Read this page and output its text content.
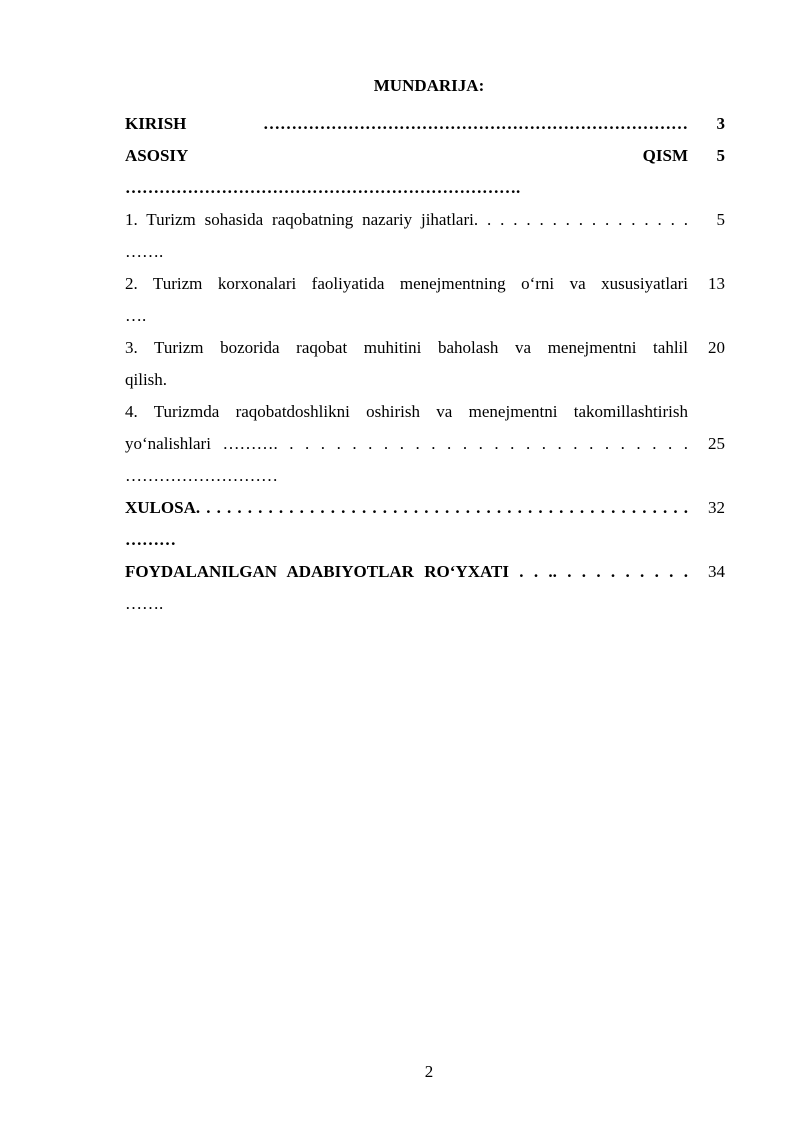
MUNDARIJA:
KIRISH …………………………………………………………………	3
ASOSIY	QISM
…………………………………………………………….
5
1. Turizm sohasida raqobatning nazariy jihatlari. . . . . . . . . . . . . . . . .
…….
5
2. Turizm korxonalari faoliyatida menejmentning o‘rni va xususiyatlari
….
13
3. Turizm bozorida raqobat muhitini baholash va menejmentni tahlil
qilish.
20
4. Turizmda raqobatdoshlikni oshirish va menejmentni takomillashtirish
yo‘nalishlari ………. . . . . . . . . . . . . . . . . . . . . . . . . . .
………………………
25
XULOSA. . . . . . . . . . . . . . . . . . . . . . . . . . . . . . . . . . . . . . . . . . . . . . . .
………
32
FOYDALANILGAN ADABIYOTLAR RO‘YXATI . . .. . . . . . . . . .
…….
34
2
